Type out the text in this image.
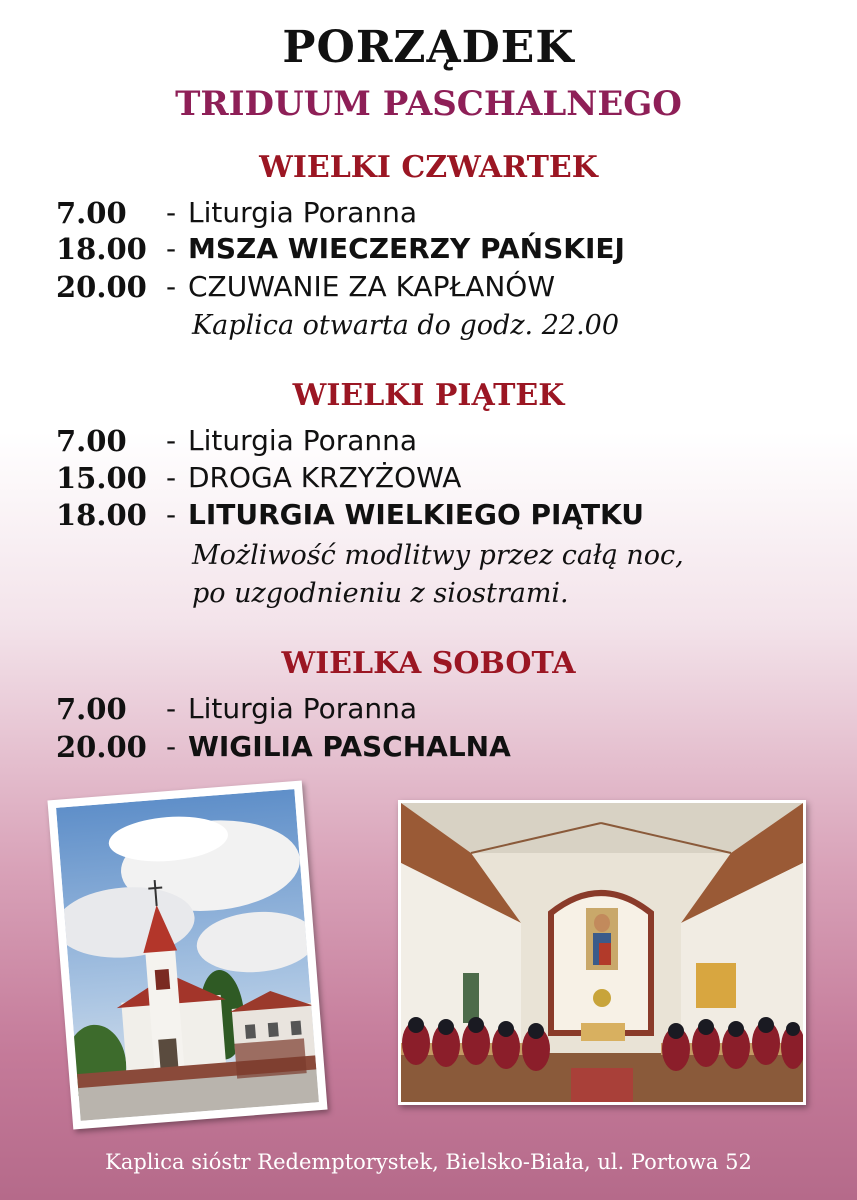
PORZĄDEK
TRIDUUM PASCHALNEGO
WIELKI CZWARTEK
7.00 - Liturgia Poranna
18.00 - MSZA WIECZERZY PAŃSKIEJ
20.00 - CZUWANIE ZA KAPŁANÓW
Kaplica otwarta do godz. 22.00
WIELKI PIĄTEK
7.00 - Liturgia Poranna
15.00 - DROGA KRZYŻOWA
18.00 - LITURGIA WIELKIEGO PIĄTKU
Możliwość modlitwy przez całą noc,
po uzgodnieniu z siostrami.
WIELKA SOBOTA
7.00 - Liturgia Poranna
20.00 - WIGILIA PASCHALNA
Kaplica sióstr Redemptorystek, Bielsko-Biała, ul. Portowa 52
